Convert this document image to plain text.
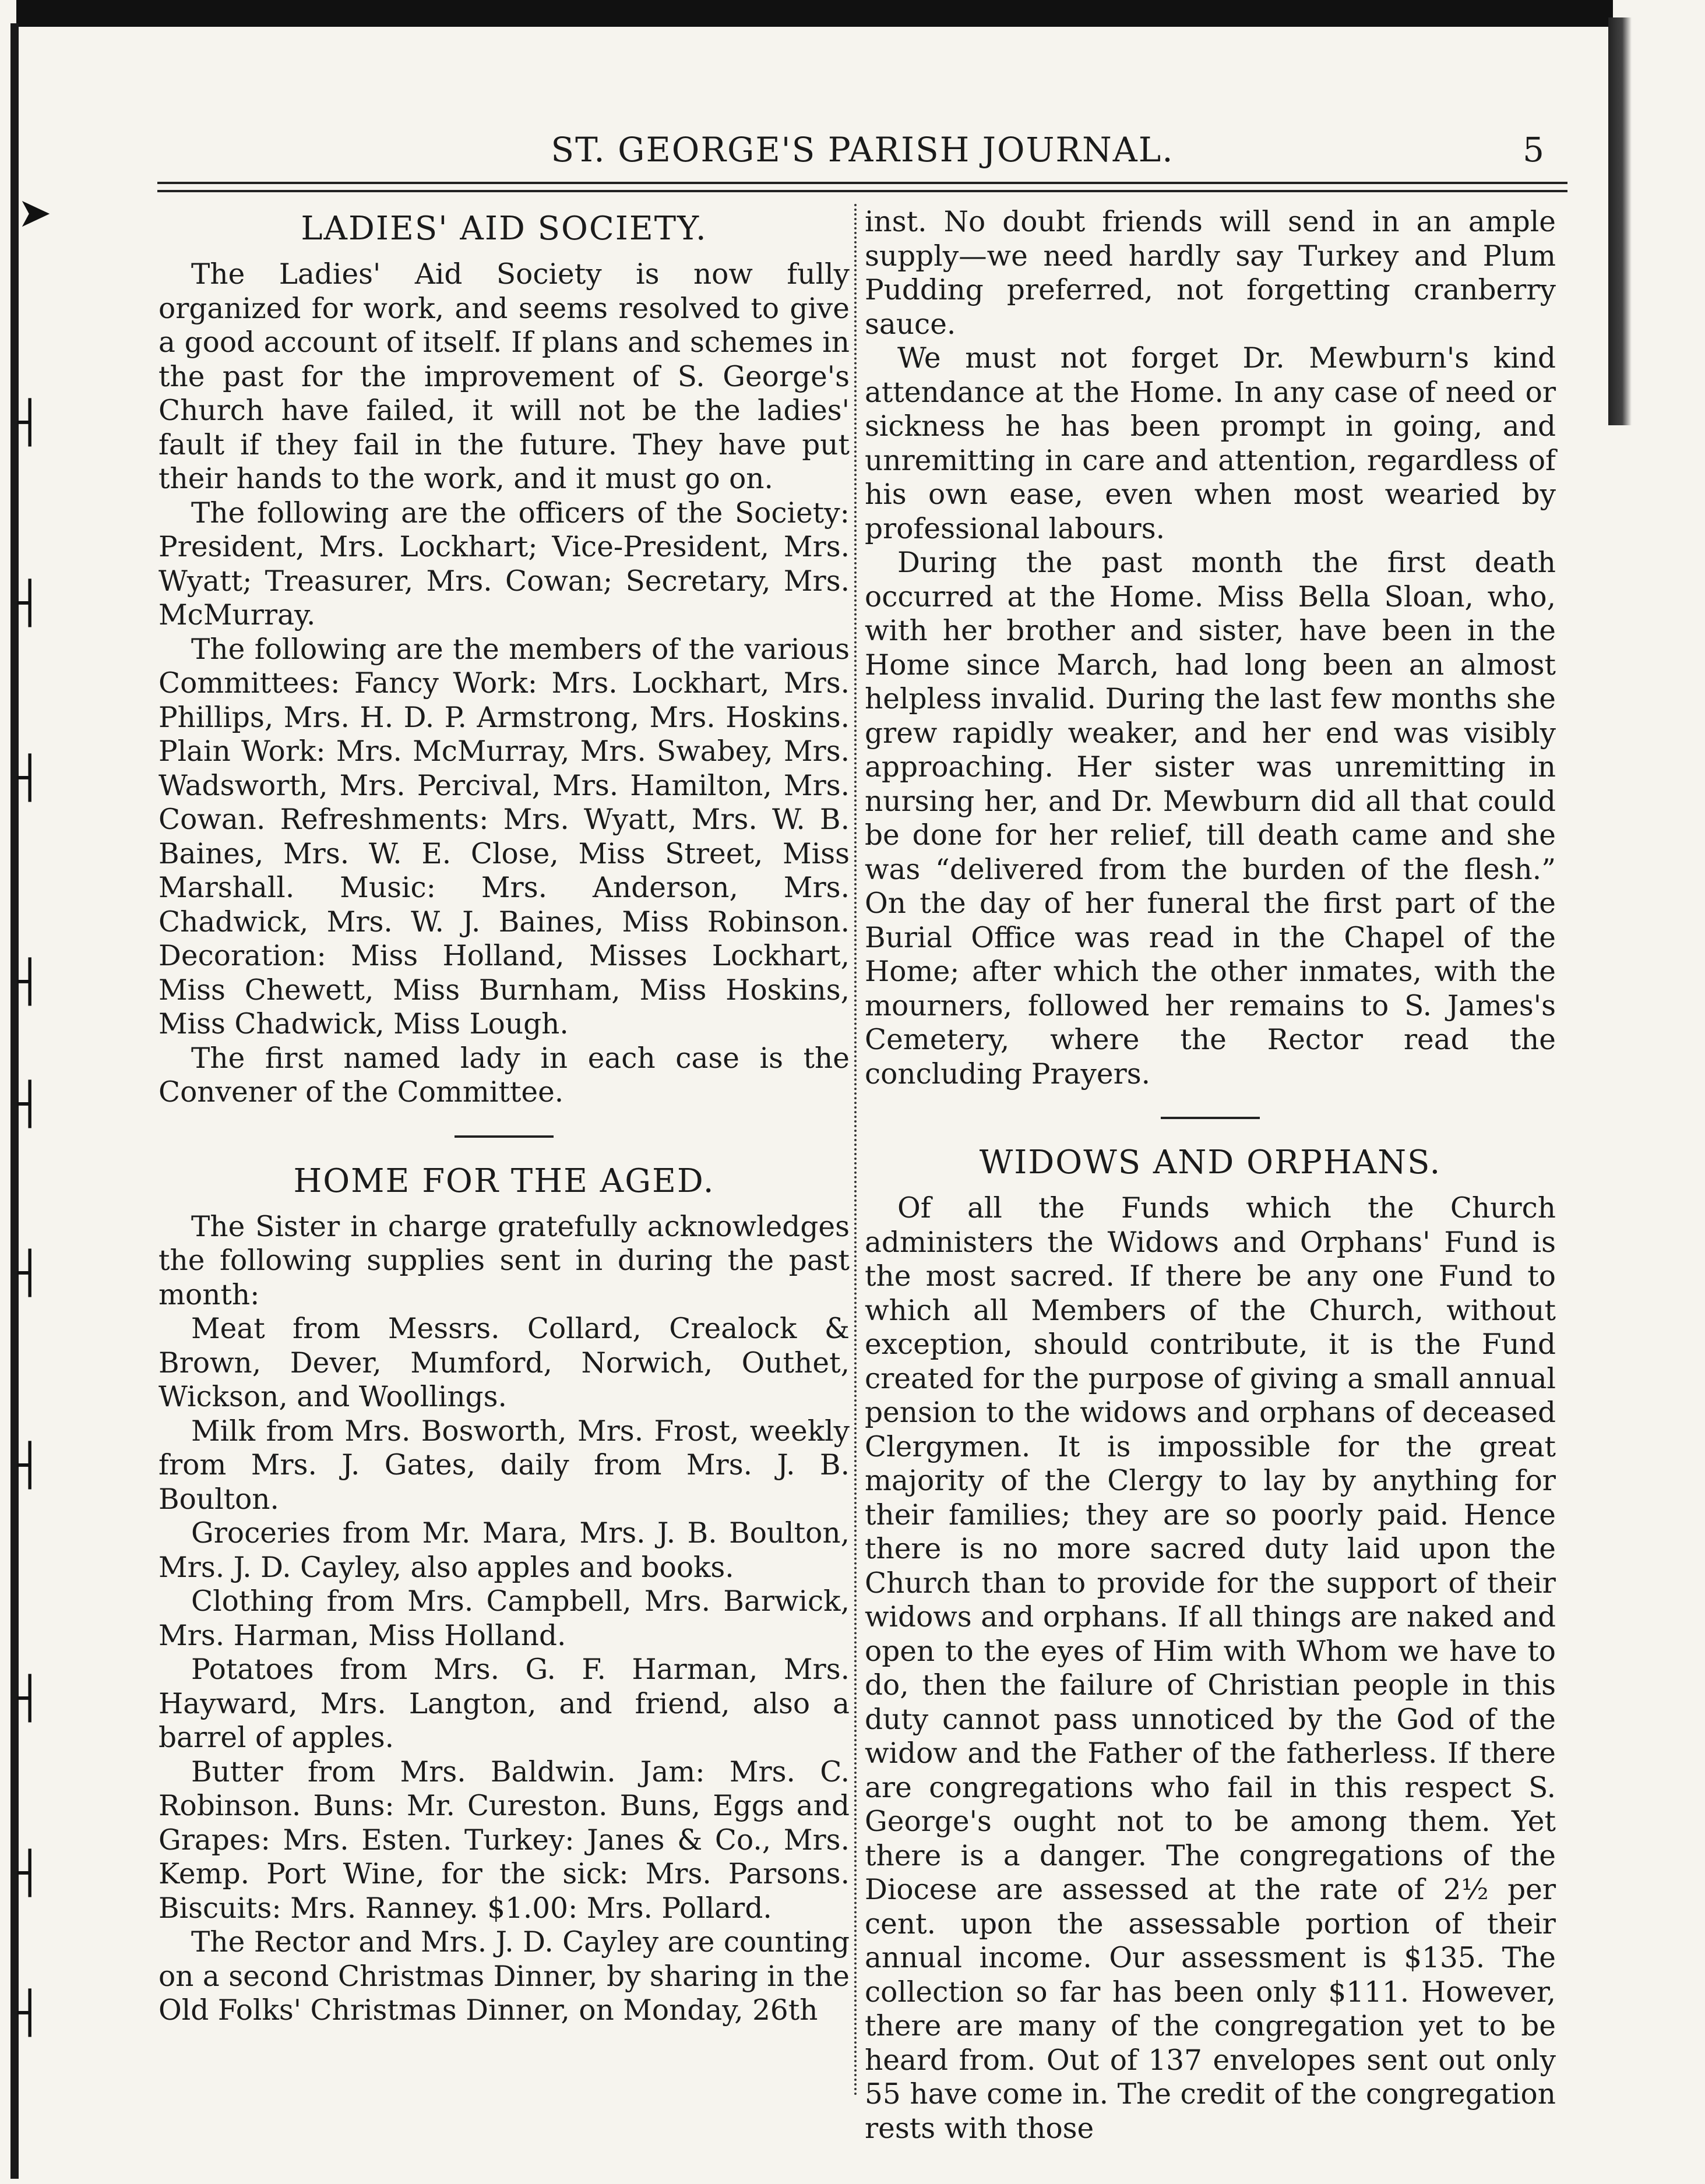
➤
┤
┤
┤
┤
┤
┤
┤
┤
┤
┤
ST. GEORGE'S PARISH JOURNAL.	5
LADIES' AID SOCIETY.

The Ladies' Aid Society is now fully organized for work, and seems resolved to give a good account of itself. If plans and schemes in the past for the improvement of S. George's Church have failed, it will not be the ladies' fault if they fail in the future. They have put their hands to the work, and it must go on.

The following are the officers of the Society: President, Mrs. Lockhart; Vice-President, Mrs. Wyatt; Treasurer, Mrs. Cowan; Secretary, Mrs. McMurray.

The following are the members of the various Committees: Fancy Work: Mrs. Lockhart, Mrs. Phillips, Mrs. H. D. P. Armstrong, Mrs. Hoskins. Plain Work: Mrs. McMurray, Mrs. Swabey, Mrs. Wadsworth, Mrs. Percival, Mrs. Hamilton, Mrs. Cowan. Refreshments: Mrs. Wyatt, Mrs. W. B. Baines, Mrs. W. E. Close, Miss Street, Miss Marshall. Music: Mrs. Anderson, Mrs. Chadwick, Mrs. W. J. Baines, Miss Robinson. Decoration: Miss Holland, Misses Lockhart, Miss Chewett, Miss Burnham, Miss Hoskins, Miss Chadwick, Miss Lough.

The first named lady in each case is the Convener of the Committee.

HOME FOR THE AGED.

The Sister in charge gratefully acknowledges the following supplies sent in during the past month:

Meat from Messrs. Collard, Crealock & Brown, Dever, Mumford, Norwich, Outhet, Wickson, and Woollings.

Milk from Mrs. Bosworth, Mrs. Frost, weekly from Mrs. J. Gates, daily from Mrs. J. B. Boulton.

Groceries from Mr. Mara, Mrs. J. B. Boulton, Mrs. J. D. Cayley, also apples and books.

Clothing from Mrs. Campbell, Mrs. Barwick, Mrs. Harman, Miss Holland.

Potatoes from Mrs. G. F. Harman, Mrs. Hayward, Mrs. Langton, and friend, also a barrel of apples.

Butter from Mrs. Baldwin. Jam: Mrs. C. Robinson. Buns: Mr. Cureston. Buns, Eggs and Grapes: Mrs. Esten. Turkey: Janes & Co., Mrs. Kemp. Port Wine, for the sick: Mrs. Parsons. Biscuits: Mrs. Ranney. $1.00: Mrs. Pollard.

The Rector and Mrs. J. D. Cayley are counting on a second Christmas Dinner, by sharing in the Old Folks' Christmas Dinner, on Monday, 26th

inst. No doubt friends will send in an ample supply—we need hardly say Turkey and Plum Pudding preferred, not forgetting cranberry sauce.

We must not forget Dr. Mewburn's kind attendance at the Home. In any case of need or sickness he has been prompt in going, and unremitting in care and attention, regardless of his own ease, even when most wearied by professional labours.

During the past month the first death occurred at the Home. Miss Bella Sloan, who, with her brother and sister, have been in the Home since March, had long been an almost helpless invalid. During the last few months she grew rapidly weaker, and her end was visibly approaching. Her sister was unremitting in nursing her, and Dr. Mewburn did all that could be done for her relief, till death came and she was “delivered from the burden of the flesh.” On the day of her funeral the first part of the Burial Office was read in the Chapel of the Home; after which the other inmates, with the mourners, followed her remains to S. James's Cemetery, where the Rector read the concluding Prayers.

WIDOWS AND ORPHANS.

Of all the Funds which the Church administers the Widows and Orphans' Fund is the most sacred. If there be any one Fund to which all Members of the Church, without exception, should contribute, it is the Fund created for the purpose of giving a small annual pension to the widows and orphans of deceased Clergymen. It is impossible for the great majority of the Clergy to lay by anything for their families; they are so poorly paid. Hence there is no more sacred duty laid upon the Church than to provide for the support of their widows and orphans. If all things are naked and open to the eyes of Him with Whom we have to do, then the failure of Christian people in this duty cannot pass unnoticed by the God of the widow and the Father of the fatherless. If there are congregations who fail in this respect S. George's ought not to be among them. Yet there is a danger. The congregations of the Diocese are assessed at the rate of 2½ per cent. upon the assessable portion of their annual income. Our assessment is $135. The collection so far has been only $111. However, there are many of the congregation yet to be heard from. Out of 137 envelopes sent out only 55 have come in. The credit of the congregation rests with those
